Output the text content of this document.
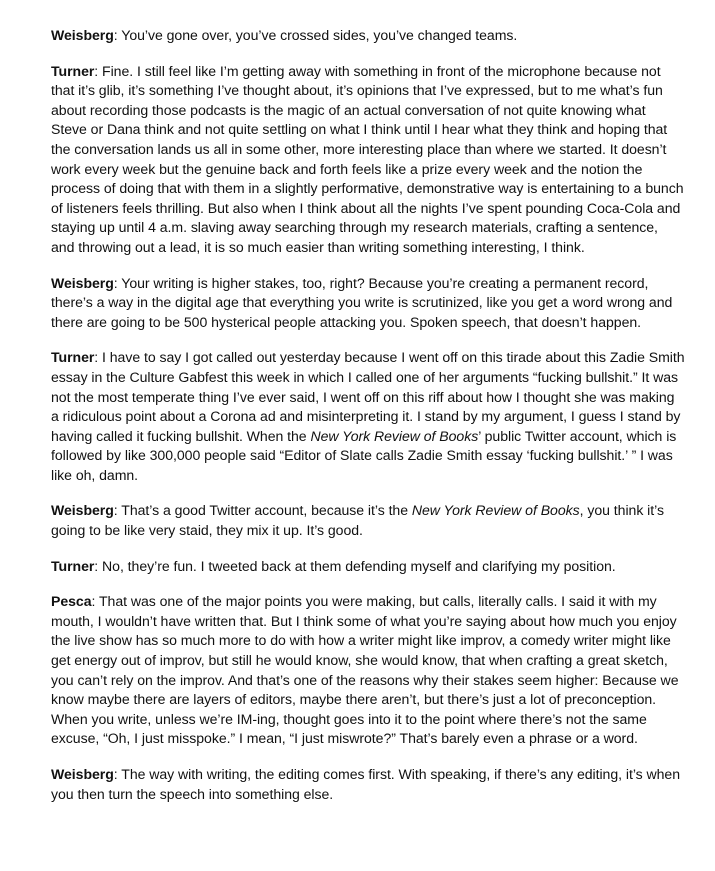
Weisberg: You’ve gone over, you’ve crossed sides, you’ve changed teams.

Turner: Fine. I still feel like I’m getting away with something in front of the microphone because not that it’s glib, it’s something I’ve thought about, it’s opinions that I’ve expressed, but to me what’s fun about recording those podcasts is the magic of an actual conversation of not quite knowing what Steve or Dana think and not quite settling on what I think until I hear what they think and hoping that the conversation lands us all in some other, more interesting place than where we started. It doesn’t work every week but the genuine back and forth feels like a prize every week and the notion the process of doing that with them in a slightly performative, demonstrative way is entertaining to a bunch of listeners feels thrilling. But also when I think about all the nights I’ve spent pounding Coca-Cola and staying up until 4 a.m. slaving away searching through my research materials, crafting a sentence, and throwing out a lead, it is so much easier than writing something interesting, I think.

Weisberg: Your writing is higher stakes, too, right? Because you’re creating a permanent record, there’s a way in the digital age that everything you write is scrutinized, like you get a word wrong and there are going to be 500 hysterical people attacking you. Spoken speech, that doesn’t happen.

Turner: I have to say I got called out yesterday because I went off on this tirade about this Zadie Smith essay in the Culture Gabfest this week in which I called one of her arguments “fucking bullshit.” It was not the most temperate thing I’ve ever said, I went off on this riff about how I thought she was making a ridiculous point about a Corona ad and misinterpreting it. I stand by my argument, I guess I stand by having called it fucking bullshit. When the New York Review of Books’ public Twitter account, which is followed by like 300,000 people said “Editor of Slate calls Zadie Smith essay ‘fucking bullshit.’ ” I was like oh, damn.

Weisberg: That’s a good Twitter account, because it’s the New York Review of Books, you think it’s going to be like very staid, they mix it up. It’s good.

Turner: No, they’re fun. I tweeted back at them defending myself and clarifying my position.

Pesca: That was one of the major points you were making, but calls, literally calls. I said it with my mouth, I wouldn’t have written that. But I think some of what you’re saying about how much you enjoy the live show has so much more to do with how a writer might like improv, a comedy writer might like get energy out of improv, but still he would know, she would know, that when crafting a great sketch, you can’t rely on the improv. And that’s one of the reasons why their stakes seem higher: Because we know maybe there are layers of editors, maybe there aren’t, but there’s just a lot of preconception. When you write, unless we’re IM-ing, thought goes into it to the point where there’s not the same excuse, “Oh, I just misspoke.” I mean, “I just miswrote?” That’s barely even a phrase or a word.

Weisberg: The way with writing, the editing comes first. With speaking, if there’s any editing, it’s when you then turn the speech into something else.
